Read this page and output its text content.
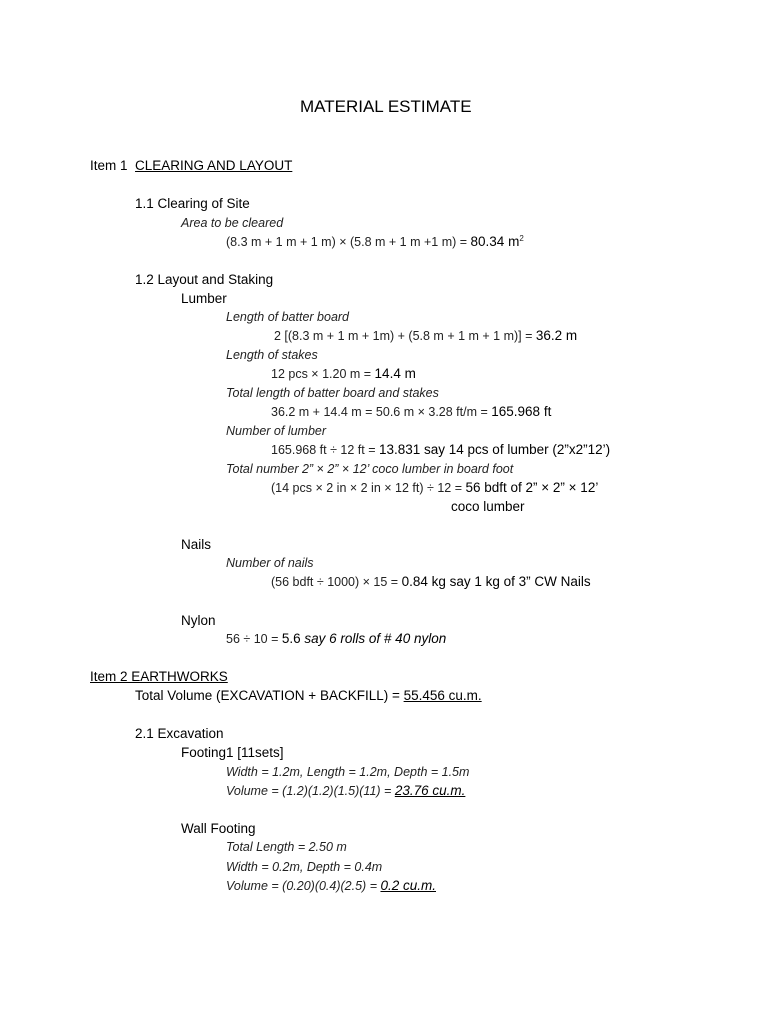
MATERIAL ESTIMATE
Item 1 CLEARING AND LAYOUT
1.1 Clearing of Site
Area to be cleared
(8.3 m + 1 m + 1 m) × (5.8 m + 1 m +1 m) = 80.34 $m^2$
1.2 Layout and Staking
Lumber
Length of batter board
2 [(8.3 m + 1 m + 1m) + (5.8 m + 1 m + 1 m)] = 36.2 m
Length of stakes
12 pcs × 1.20 m = 14.4 m
Total length of batter board and stakes
36.2 m + 14.4 m = 50.6 m × 3.28 ft/m = 165.968 ft
Number of lumber
165.968 ft ÷ 12 ft = 13.831 say 14 pcs of lumber (2”x2”12’)
Total number 2” × 2” × 12’ coco lumber in board foot
(14 pcs × 2 in × 2 in × 12 ft) ÷ 12 = 56 bdft of 2” × 2” × 12’
coco lumber
Nails
Number of nails
(56 bdft ÷ 1000) × 15 = 0.84 kg say 1 kg of 3” CW Nails
Nylon
56 ÷ 10 = 5.6 say 6 rolls of # 40 nylon
Item 2 EARTHWORKS
Total Volume (EXCAVATION + BACKFILL) = 55.456 cu.m.
2.1 Excavation
Footing1 [11sets]
Width = 1.2m, Length = 1.2m, Depth = 1.5m
Volume = (1.2)(1.2)(1.5)(11) = 23.76 cu.m.
Wall Footing
Total Length = 2.50 m
Width = 0.2m, Depth = 0.4m
Volume = (0.20)(0.4)(2.5) = 0.2 cu.m.
